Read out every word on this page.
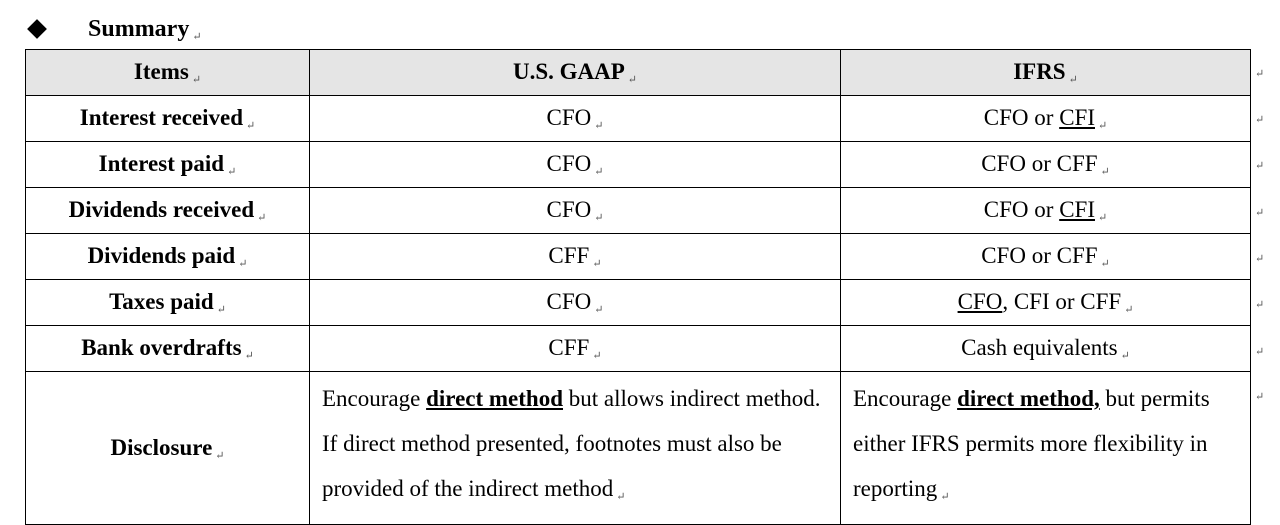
Summary ↵
Items ↵	U.S. GAAP ↵	IFRS ↵
Interest received ↵	CFO ↵	CFO or CFI ↵
Interest paid ↵	CFO ↵	CFO or CFF ↵
Dividends received ↵	CFO ↵	CFO or CFI ↵
Dividends paid ↵	CFF ↵	CFO or CFF ↵
Taxes paid ↵	CFO ↵	CFO, CFI or CFF ↵
Bank overdrafts ↵	CFF ↵	Cash equivalents ↵
Disclosure ↵	Encourage direct method but allows indirect method. If direct method presented, footnotes must also be provided of the indirect method ↵	Encourage direct method, but permits either IFRS permits more flexibility in reporting ↵
↵
↵
↵
↵
↵
↵
↵
↵
